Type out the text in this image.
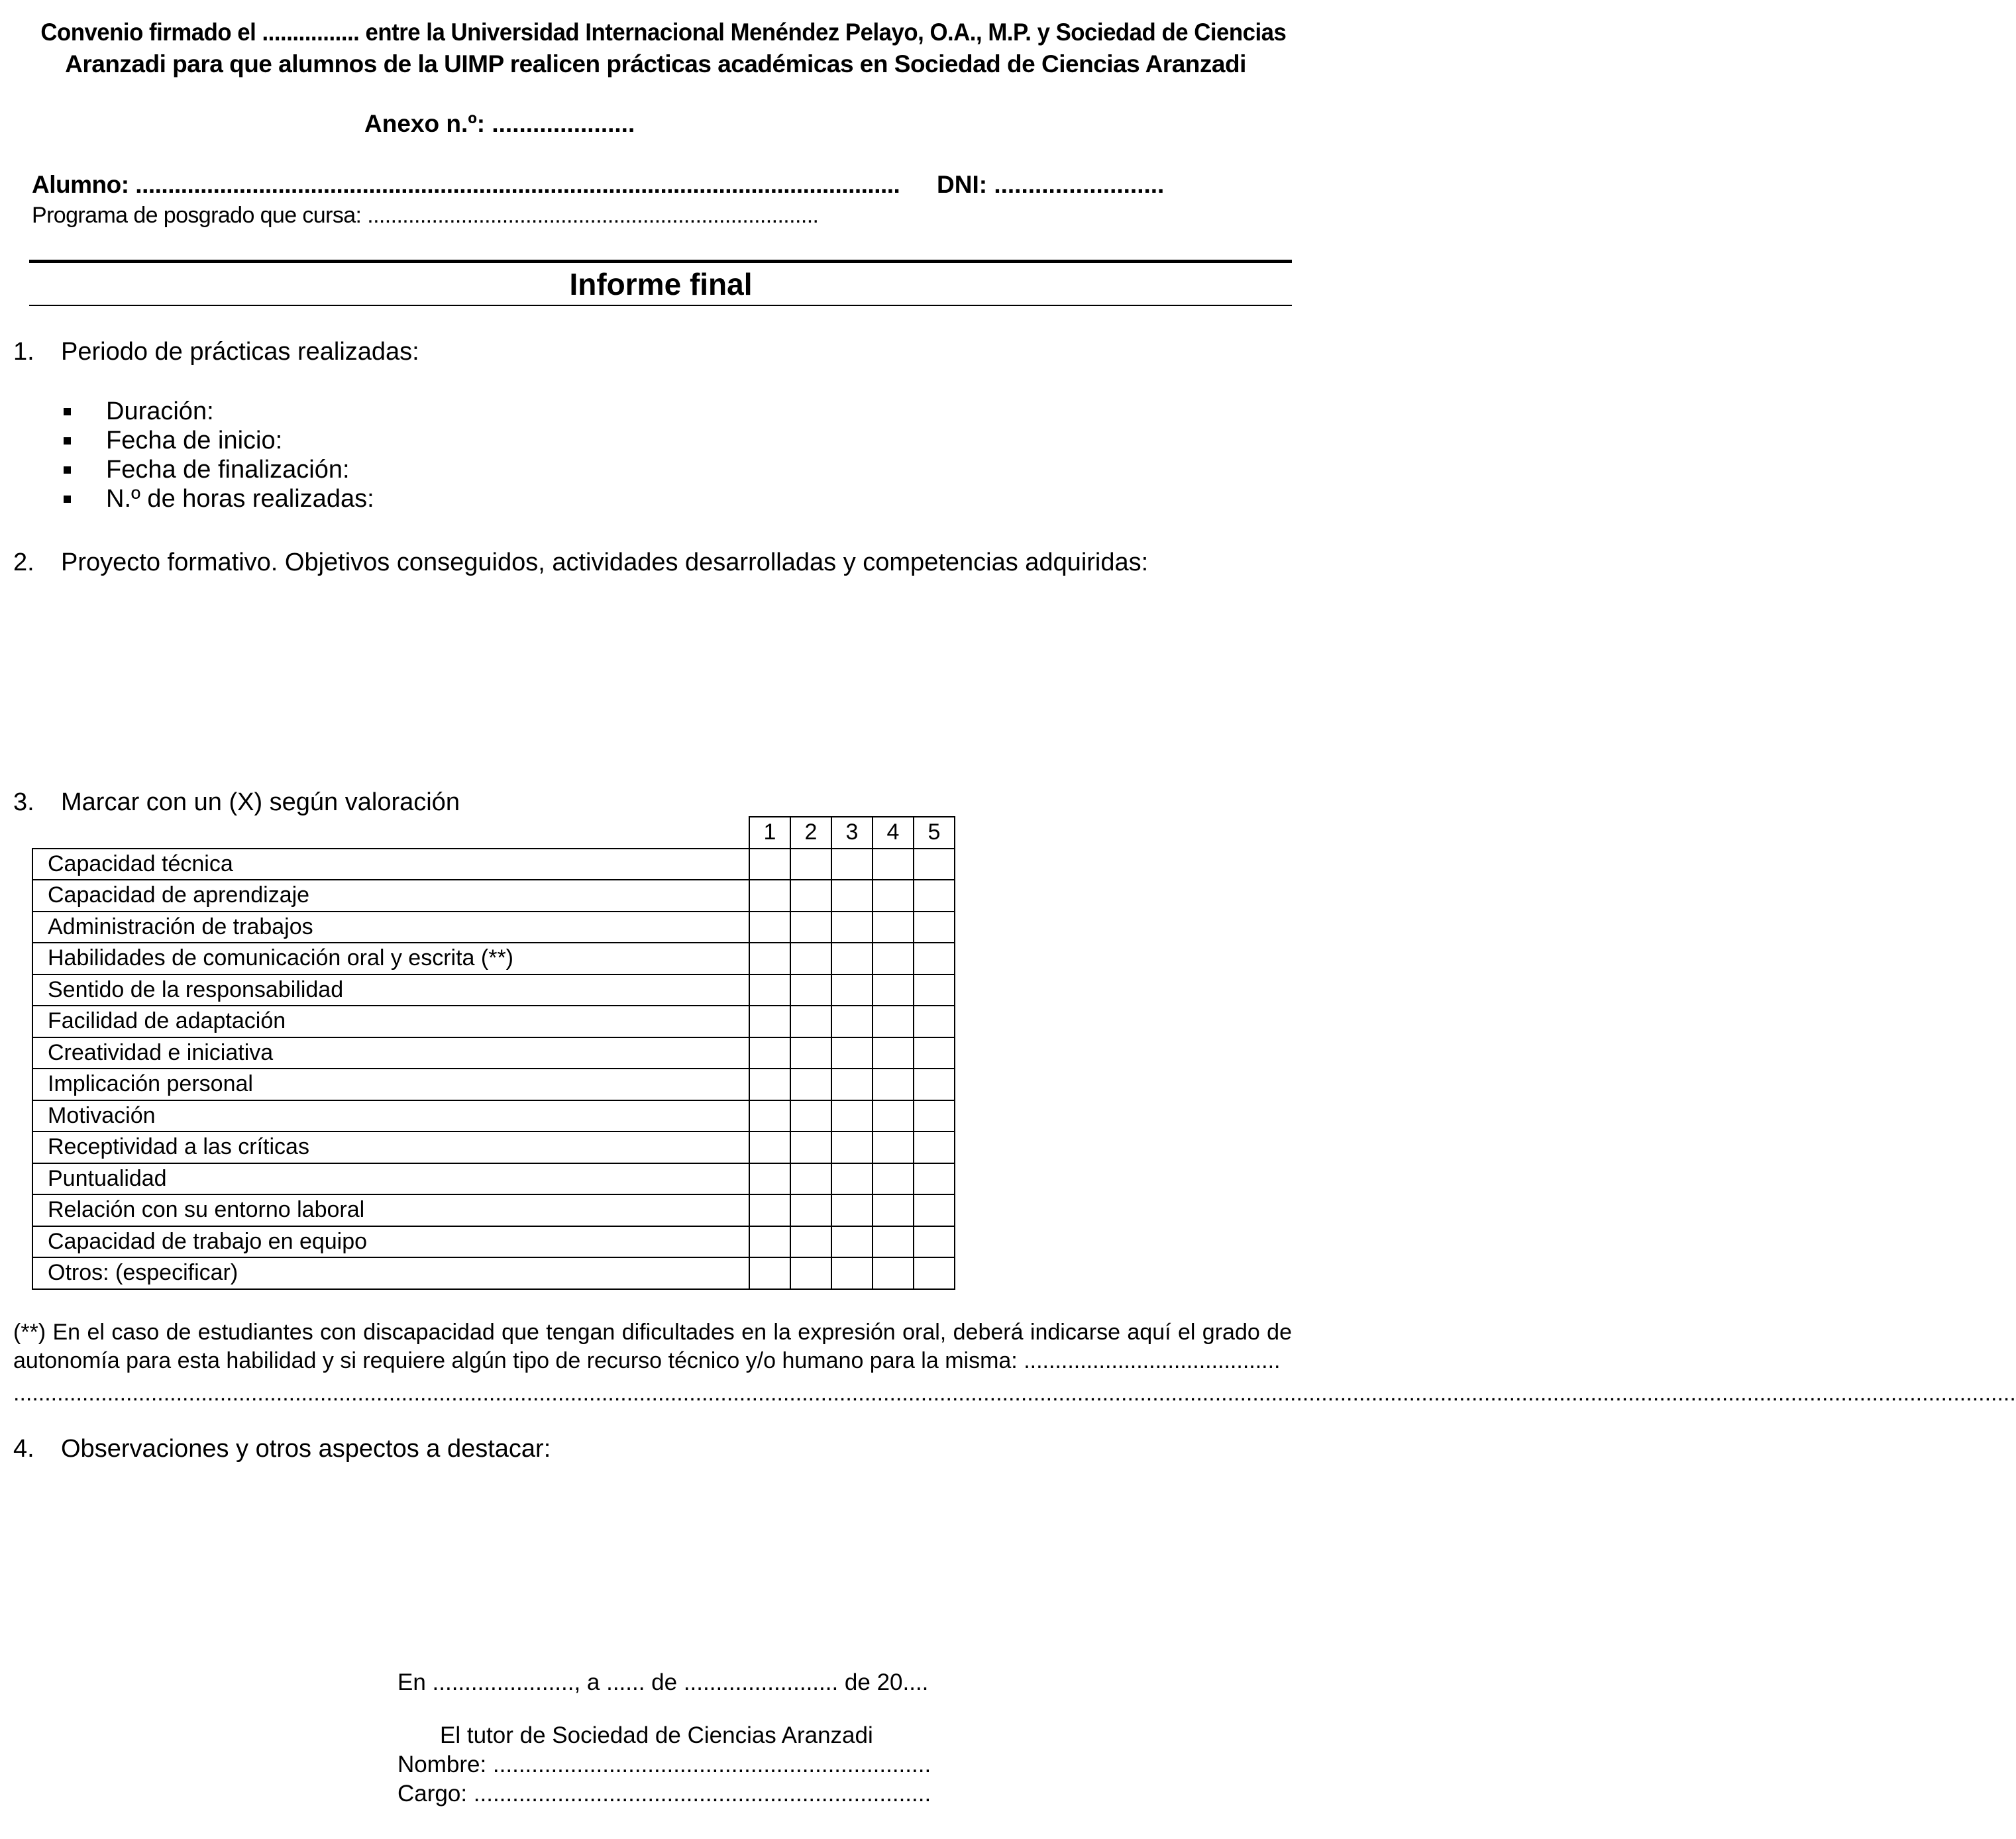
Convenio firmado el ................ entre la Universidad Internacional Menéndez Pelayo, O.A., M.P. y Sociedad de Ciencias
Aranzadi para que alumnos de la UIMP realicen prácticas académicas en Sociedad de Ciencias Aranzadi
Anexo n.º: .....................
Alumno: ...................................................................................................................... DNI: .........................
Programa de posgrado que cursa: .............................................................................
Informe final
1. Periodo de prácticas realizadas:
Duración:
Fecha de inicio:
Fecha de finalización:
N.º de horas realizadas:
2. Proyecto formativo. Objetivos conseguidos, actividades desarrolladas y competencias adquiridas:
3. Marcar con un (X) según valoración
	1	2	3	4	5
Capacidad técnica					
Capacidad de aprendizaje					
Administración de trabajos					
Habilidades de comunicación oral y escrita (**)					
Sentido de la responsabilidad					
Facilidad de adaptación					
Creatividad e iniciativa					
Implicación personal					
Motivación					
Receptividad a las críticas					
Puntualidad					
Relación con su entorno laboral					
Capacidad de trabajo en equipo					
Otros: (especificar)					
(**) En el caso de estudiantes con discapacidad que tengan dificultades en la expresión oral, deberá indicarse aquí el grado de autonomía para esta habilidad y si requiere algún tipo de recurso técnico y/o humano para la misma: .........................................
................................................................................................................................................................................................................................................................................................................................
4. Observaciones y otros aspectos a destacar:
En ......................, a ...... de ........................ de 20....
El tutor de Sociedad de Ciencias Aranzadi
Nombre: ....................................................................
Cargo: .......................................................................
